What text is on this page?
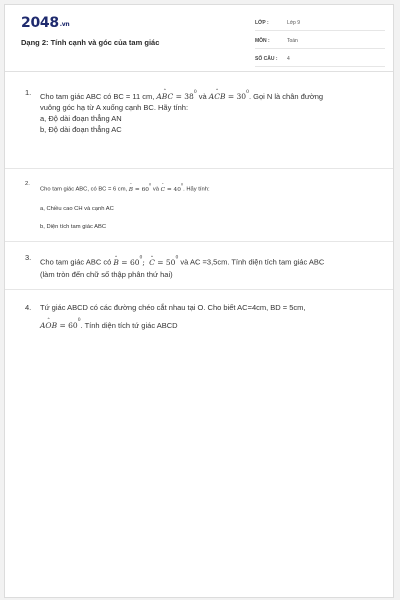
2048.vn
Dạng 2: Tính cạnh và góc của tam giác
LỚP :	Lớp 9
MÔN :	Toán
SỐ CÂU : 4
1. Cho tam giác ABC có BC = 11 cm, ˆ ABC = $38^0$ và ˆ ACB = $30^0$. Gọi N là chân đường
vuông góc hạ từ A xuống cạnh BC. Hãy tính:

a, Độ dài đoạn thẳng AN

b, Độ dài đoạn thẳng AC

2.

Cho tam giác ABC, có BC = 6 cm, ˆ $B = 60^0$ và ˆ $C = 40^0$. Hãy tính:

a, Chiều cao CH và cạnh AC

b, Diện tích tam giác ABC

3.

Cho tam giác ABC có ˆ $B = 60^0$; ˆ $C = 50^0$ và AC =3,5cm. Tính diện tích tam giác ABC
(làm tròn đến chữ số thập phân thứ hai)

4. Tứ giác ABCD có các đường chéo cắt nhau tại O. Cho biết AC=4cm, BD = 5cm,
ˆ AOB = $60^0$. Tính diện tích tứ giác ABCD
